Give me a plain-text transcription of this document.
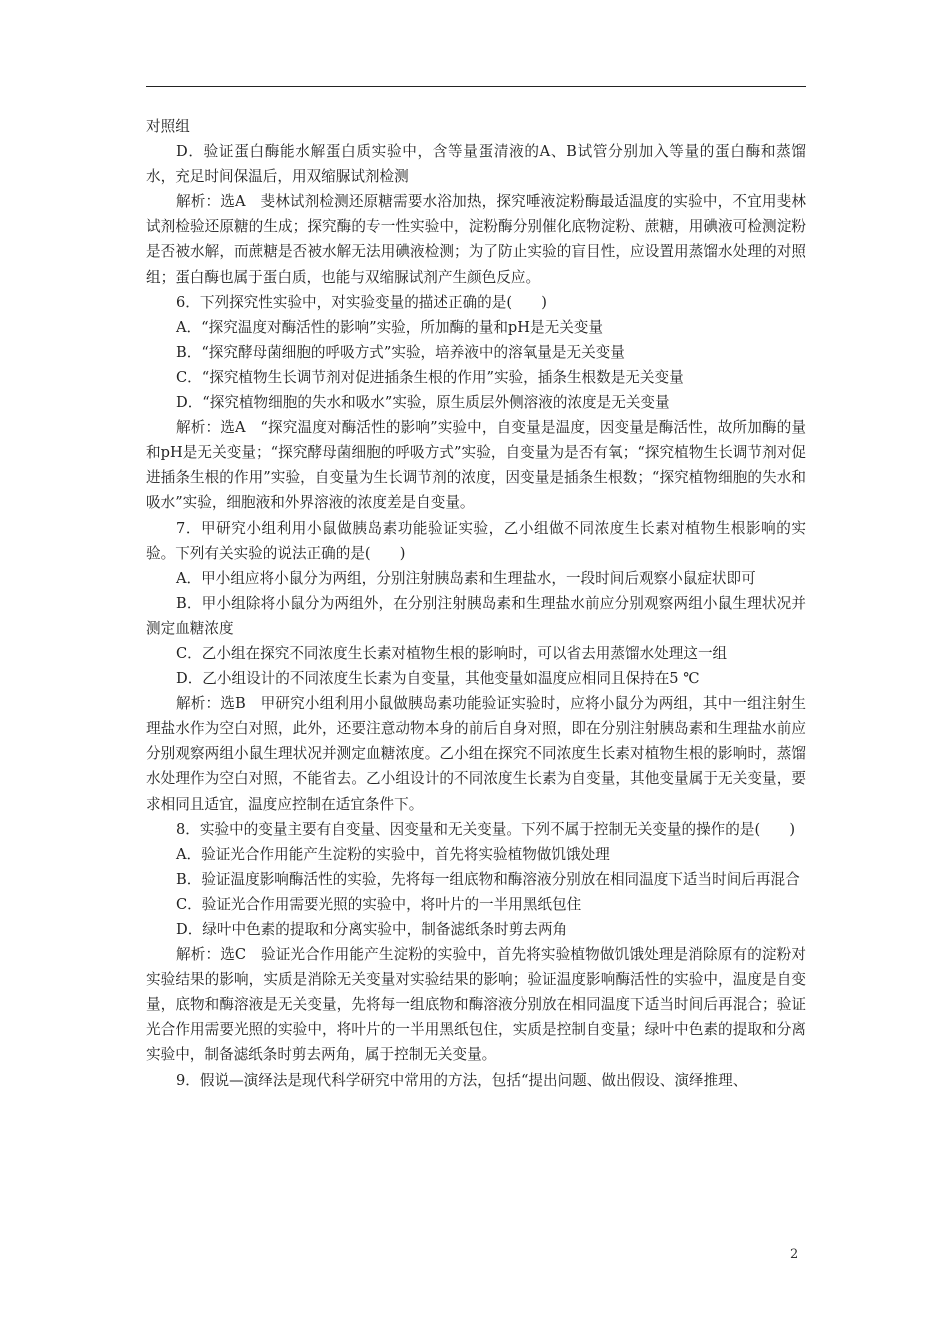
对照组

D．验证蛋白酶能水解蛋白质实验中，含等量蛋清液的A、B试管分别加入等量的蛋白酶和蒸馏水，充足时间保温后，用双缩脲试剂检测

解析：选A　斐林试剂检测还原糖需要水浴加热，探究唾液淀粉酶最适温度的实验中，不宜用斐林试剂检验还原糖的生成；探究酶的专一性实验中，淀粉酶分别催化底物淀粉、蔗糖，用碘液可检测淀粉是否被水解，而蔗糖是否被水解无法用碘液检测；为了防止实验的盲目性，应设置用蒸馏水处理的对照组；蛋白酶也属于蛋白质，也能与双缩脲试剂产生颜色反应。

6．下列探究性实验中，对实验变量的描述正确的是(　　)

A．“探究温度对酶活性的影响”实验，所加酶的量和pH是无关变量

B．“探究酵母菌细胞的呼吸方式”实验，培养液中的溶氧量是无关变量

C．“探究植物生长调节剂对促进插条生根的作用”实验，插条生根数是无关变量

D．“探究植物细胞的失水和吸水”实验，原生质层外侧溶液的浓度是无关变量

解析：选A　“探究温度对酶活性的影响”实验中，自变量是温度，因变量是酶活性，故所加酶的量和pH是无关变量；“探究酵母菌细胞的呼吸方式”实验，自变量为是否有氧；“探究植物生长调节剂对促进插条生根的作用”实验，自变量为生长调节剂的浓度，因变量是插条生根数；“探究植物细胞的失水和吸水”实验，细胞液和外界溶液的浓度差是自变量。

7．甲研究小组利用小鼠做胰岛素功能验证实验，乙小组做不同浓度生长素对植物生根影响的实验。下列有关实验的说法正确的是(　　)

A．甲小组应将小鼠分为两组，分别注射胰岛素和生理盐水，一段时间后观察小鼠症状即可

B．甲小组除将小鼠分为两组外，在分别注射胰岛素和生理盐水前应分别观察两组小鼠生理状况并测定血糖浓度

C．乙小组在探究不同浓度生长素对植物生根的影响时，可以省去用蒸馏水处理这一组

D．乙小组设计的不同浓度生长素为自变量，其他变量如温度应相同且保持在5 ℃

解析：选B　甲研究小组利用小鼠做胰岛素功能验证实验时，应将小鼠分为两组，其中一组注射生理盐水作为空白对照，此外，还要注意动物本身的前后自身对照，即在分别注射胰岛素和生理盐水前应分别观察两组小鼠生理状况并测定血糖浓度。乙小组在探究不同浓度生长素对植物生根的影响时，蒸馏水处理作为空白对照，不能省去。乙小组设计的不同浓度生长素为自变量，其他变量属于无关变量，要求相同且适宜，温度应控制在适宜条件下。

8．实验中的变量主要有自变量、因变量和无关变量。下列不属于控制无关变量的操作的是(　　)

A．验证光合作用能产生淀粉的实验中，首先将实验植物做饥饿处理

B．验证温度影响酶活性的实验，先将每一组底物和酶溶液分别放在相同温度下适当时间后再混合

C．验证光合作用需要光照的实验中，将叶片的一半用黑纸包住

D．绿叶中色素的提取和分离实验中，制备滤纸条时剪去两角

解析：选C　验证光合作用能产生淀粉的实验中，首先将实验植物做饥饿处理是消除原有的淀粉对实验结果的影响，实质是消除无关变量对实验结果的影响；验证温度影响酶活性的实验中，温度是自变量，底物和酶溶液是无关变量，先将每一组底物和酶溶液分别放在相同温度下适当时间后再混合；验证光合作用需要光照的实验中，将叶片的一半用黑纸包住，实质是控制自变量；绿叶中色素的提取和分离实验中，制备滤纸条时剪去两角，属于控制无关变量。

9．假说—演绎法是现代科学研究中常用的方法，包括“提出问题、做出假设、演绎推理、

2
